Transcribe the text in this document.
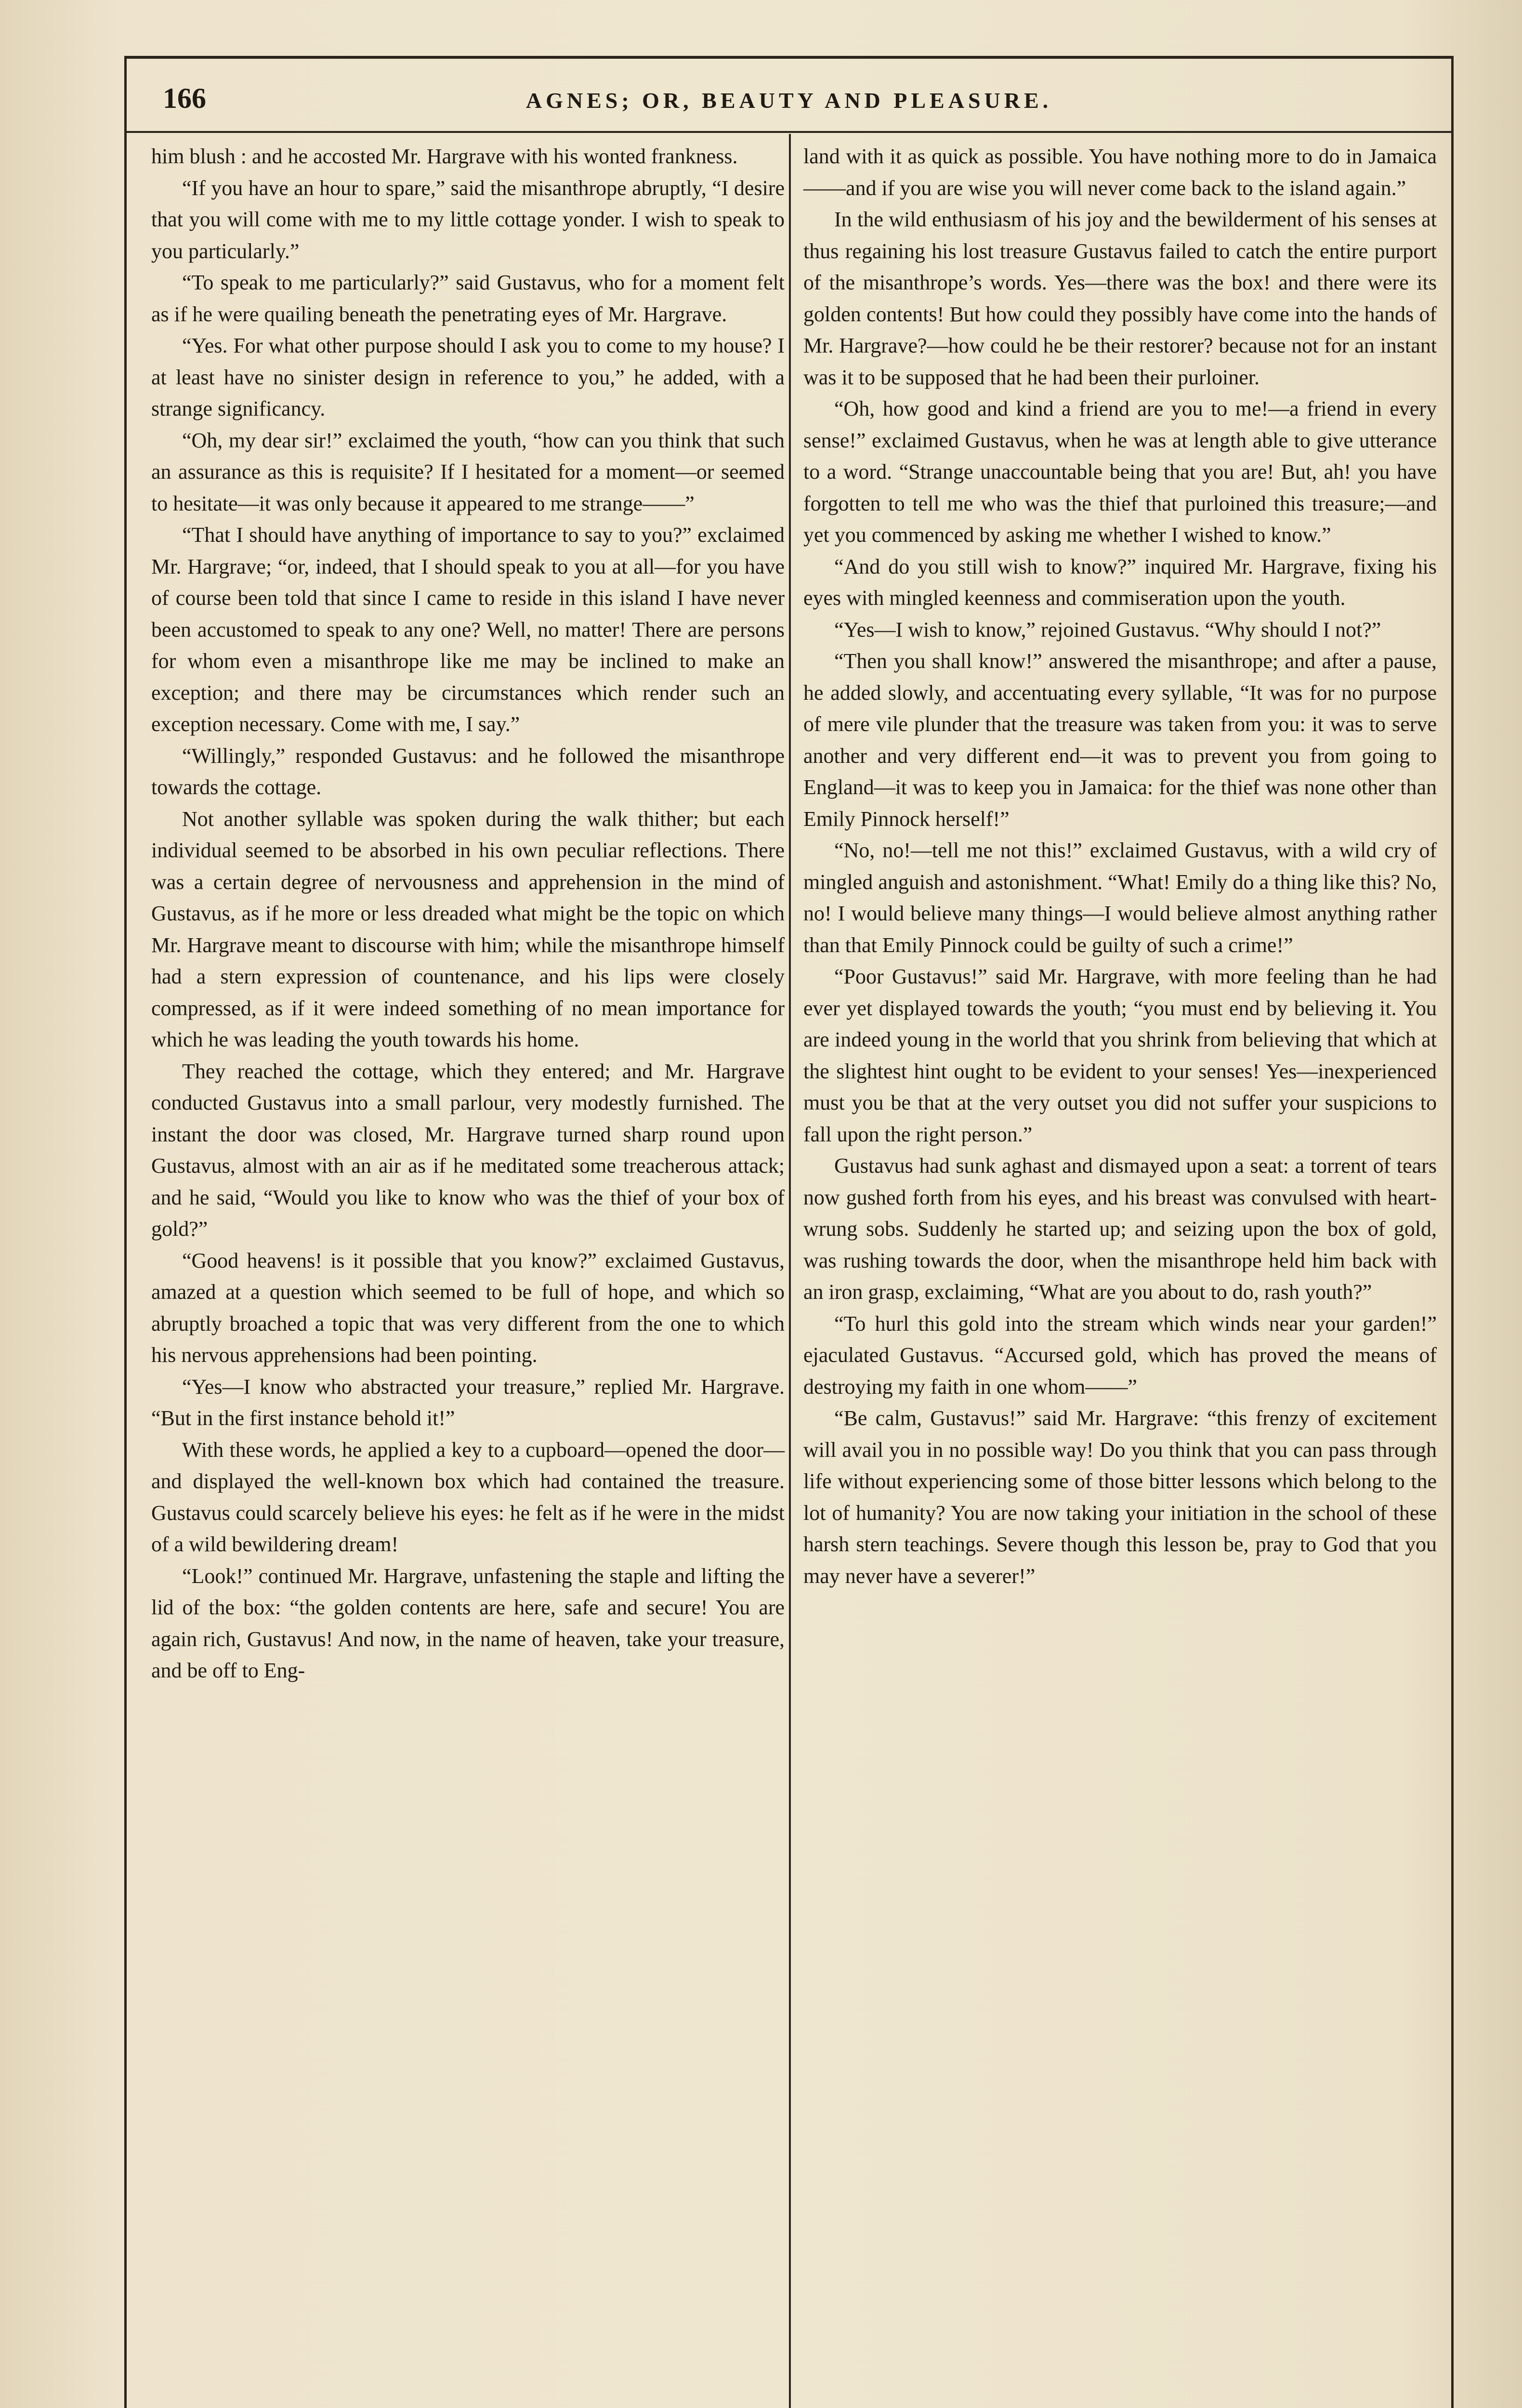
166	AGNES; OR, BEAUTY AND PLEASURE.

him blush : and he accosted Mr. Hargrave with his wonted frankness.

“If you have an hour to spare,” said the misanthrope abruptly, “I desire that you will come with me to my little cottage yonder. I wish to speak to you particularly.”

“To speak to me particularly?” said Gustavus, who for a moment felt as if he were quailing beneath the penetrating eyes of Mr. Hargrave.

“Yes. For what other purpose should I ask you to come to my house? I at least have no sinister design in reference to you,” he added, with a strange significancy.

“Oh, my dear sir!” exclaimed the youth, “how can you think that such an assurance as this is requisite? If I hesitated for a moment—or seemed to hesitate—it was only because it appeared to me strange——”

“That I should have anything of importance to say to you?” exclaimed Mr. Hargrave; “or, indeed, that I should speak to you at all—for you have of course been told that since I came to reside in this island I have never been accustomed to speak to any one? Well, no matter! There are persons for whom even a misanthrope like me may be inclined to make an exception; and there may be circumstances which render such an exception necessary. Come with me, I say.”

“Willingly,” responded Gustavus: and he followed the misanthrope towards the cottage.

Not another syllable was spoken during the walk thither; but each individual seemed to be absorbed in his own peculiar reflections. There was a certain degree of nervousness and apprehension in the mind of Gustavus, as if he more or less dreaded what might be the topic on which Mr. Hargrave meant to discourse with him; while the misanthrope himself had a stern expression of countenance, and his lips were closely compressed, as if it were indeed something of no mean importance for which he was leading the youth towards his home.

They reached the cottage, which they entered; and Mr. Hargrave conducted Gustavus into a small parlour, very modestly furnished. The instant the door was closed, Mr. Hargrave turned sharp round upon Gustavus, almost with an air as if he meditated some treacherous attack; and he said, “Would you like to know who was the thief of your box of gold?”

“Good heavens! is it possible that you know?” exclaimed Gustavus, amazed at a question which seemed to be full of hope, and which so abruptly broached a topic that was very different from the one to which his nervous apprehensions had been pointing.

“Yes—I know who abstracted your treasure,” replied Mr. Hargrave. “But in the first instance behold it!”

With these words, he applied a key to a cupboard—opened the door—and displayed the well-known box which had contained the treasure. Gustavus could scarcely believe his eyes: he felt as if he were in the midst of a wild bewildering dream!

“Look!” continued Mr. Hargrave, unfastening the staple and lifting the lid of the box: “the golden contents are here, safe and secure! You are again rich, Gustavus! And now, in the name of heaven, take your treasure, and be off to Eng-

land with it as quick as possible. You have nothing more to do in Jamaica——and if you are wise you will never come back to the island again.”

In the wild enthusiasm of his joy and the bewilderment of his senses at thus regaining his lost treasure Gustavus failed to catch the entire purport of the misanthrope’s words. Yes—there was the box! and there were its golden contents! But how could they possibly have come into the hands of Mr. Hargrave?—how could he be their restorer? because not for an instant was it to be supposed that he had been their purloiner.

“Oh, how good and kind a friend are you to me!—a friend in every sense!” exclaimed Gustavus, when he was at length able to give utterance to a word. “Strange unaccountable being that you are! But, ah! you have forgotten to tell me who was the thief that purloined this treasure;—and yet you commenced by asking me whether I wished to know.”

“And do you still wish to know?” inquired Mr. Hargrave, fixing his eyes with mingled keenness and commiseration upon the youth.

“Yes—I wish to know,” rejoined Gustavus. “Why should I not?”

“Then you shall know!” answered the misanthrope; and after a pause, he added slowly, and accentuating every syllable, “It was for no purpose of mere vile plunder that the treasure was taken from you: it was to serve another and very different end—it was to prevent you from going to England—it was to keep you in Jamaica: for the thief was none other than Emily Pinnock herself!”

“No, no!—tell me not this!” exclaimed Gustavus, with a wild cry of mingled anguish and astonishment. “What! Emily do a thing like this? No, no! I would believe many things—I would believe almost anything rather than that Emily Pinnock could be guilty of such a crime!”

“Poor Gustavus!” said Mr. Hargrave, with more feeling than he had ever yet displayed towards the youth; “you must end by believing it. You are indeed young in the world that you shrink from believing that which at the slightest hint ought to be evident to your senses! Yes—inexperienced must you be that at the very outset you did not suffer your suspicions to fall upon the right person.”

Gustavus had sunk aghast and dismayed upon a seat: a torrent of tears now gushed forth from his eyes, and his breast was convulsed with heart-wrung sobs. Suddenly he started up; and seizing upon the box of gold, was rushing towards the door, when the misanthrope held him back with an iron grasp, exclaiming, “What are you about to do, rash youth?”

“To hurl this gold into the stream which winds near your garden!” ejaculated Gustavus. “Accursed gold, which has proved the means of destroying my faith in one whom——”

“Be calm, Gustavus!” said Mr. Hargrave: “this frenzy of excitement will avail you in no possible way! Do you think that you can pass through life without experiencing some of those bitter lessons which belong to the lot of humanity? You are now taking your initiation in the school of these harsh stern teachings. Severe though this lesson be, pray to God that you may never have a severer!”
